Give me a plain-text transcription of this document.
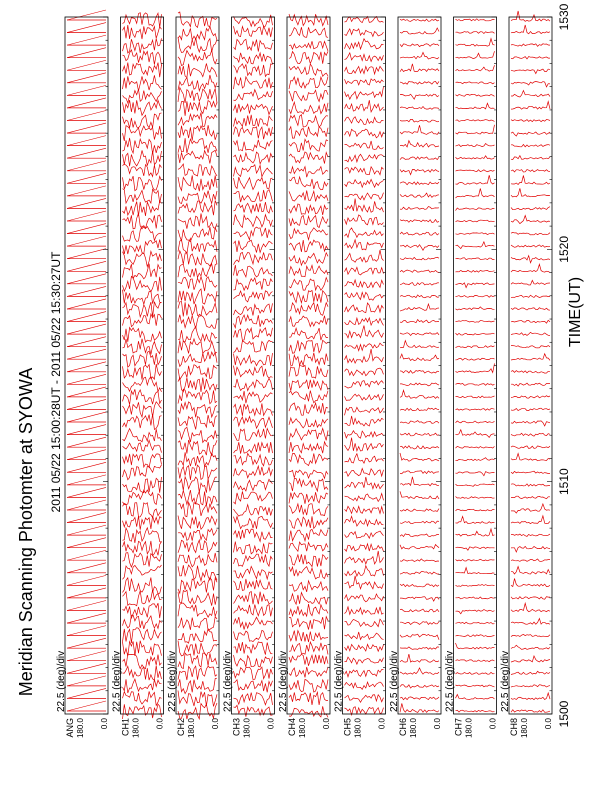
Meridian Scanning Photomter at SYOWA 2011 05/22 15:00:28UT - 2011 05/22 15:30:27UT	TIME(UT)
ANG 180.0 0.0
22.5 (deg)/div
CH1 180.0 0.0
22.5 (deg)/div
CH2 180.0 0.0
22.5 (deg)/div
CH3 180.0 0.0
22.5 (deg)/div
CH4 180.0 0.0
22.5 (deg)/div
CH5 180.0 0.0
22.5 (deg)/div
CH6 180.0 0.0
22.5 (deg)/div
CH7 180.0 0.0
22.5 (deg)/div
CH8 180.0 0.0
22.5 (deg)/div
1500
1510
1520
1530
